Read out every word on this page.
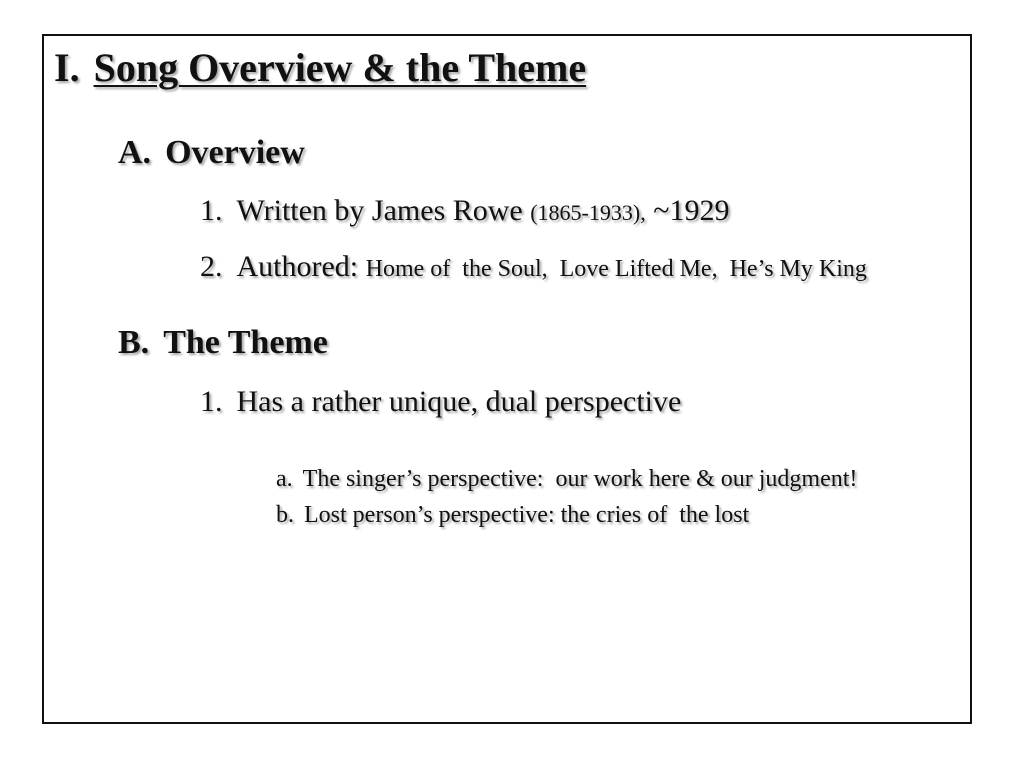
I. Song Overview & the Theme
A. Overview
1. Written by James Rowe (1865-1933), ~1929
2. Authored: Home of  the Soul,  Love Lifted Me,  He’s My King
B. The Theme
1. Has a rather unique, dual perspective

a. The singer’s perspective:  our work here & our judgment!

b. Lost person’s perspective: the cries of  the lost
